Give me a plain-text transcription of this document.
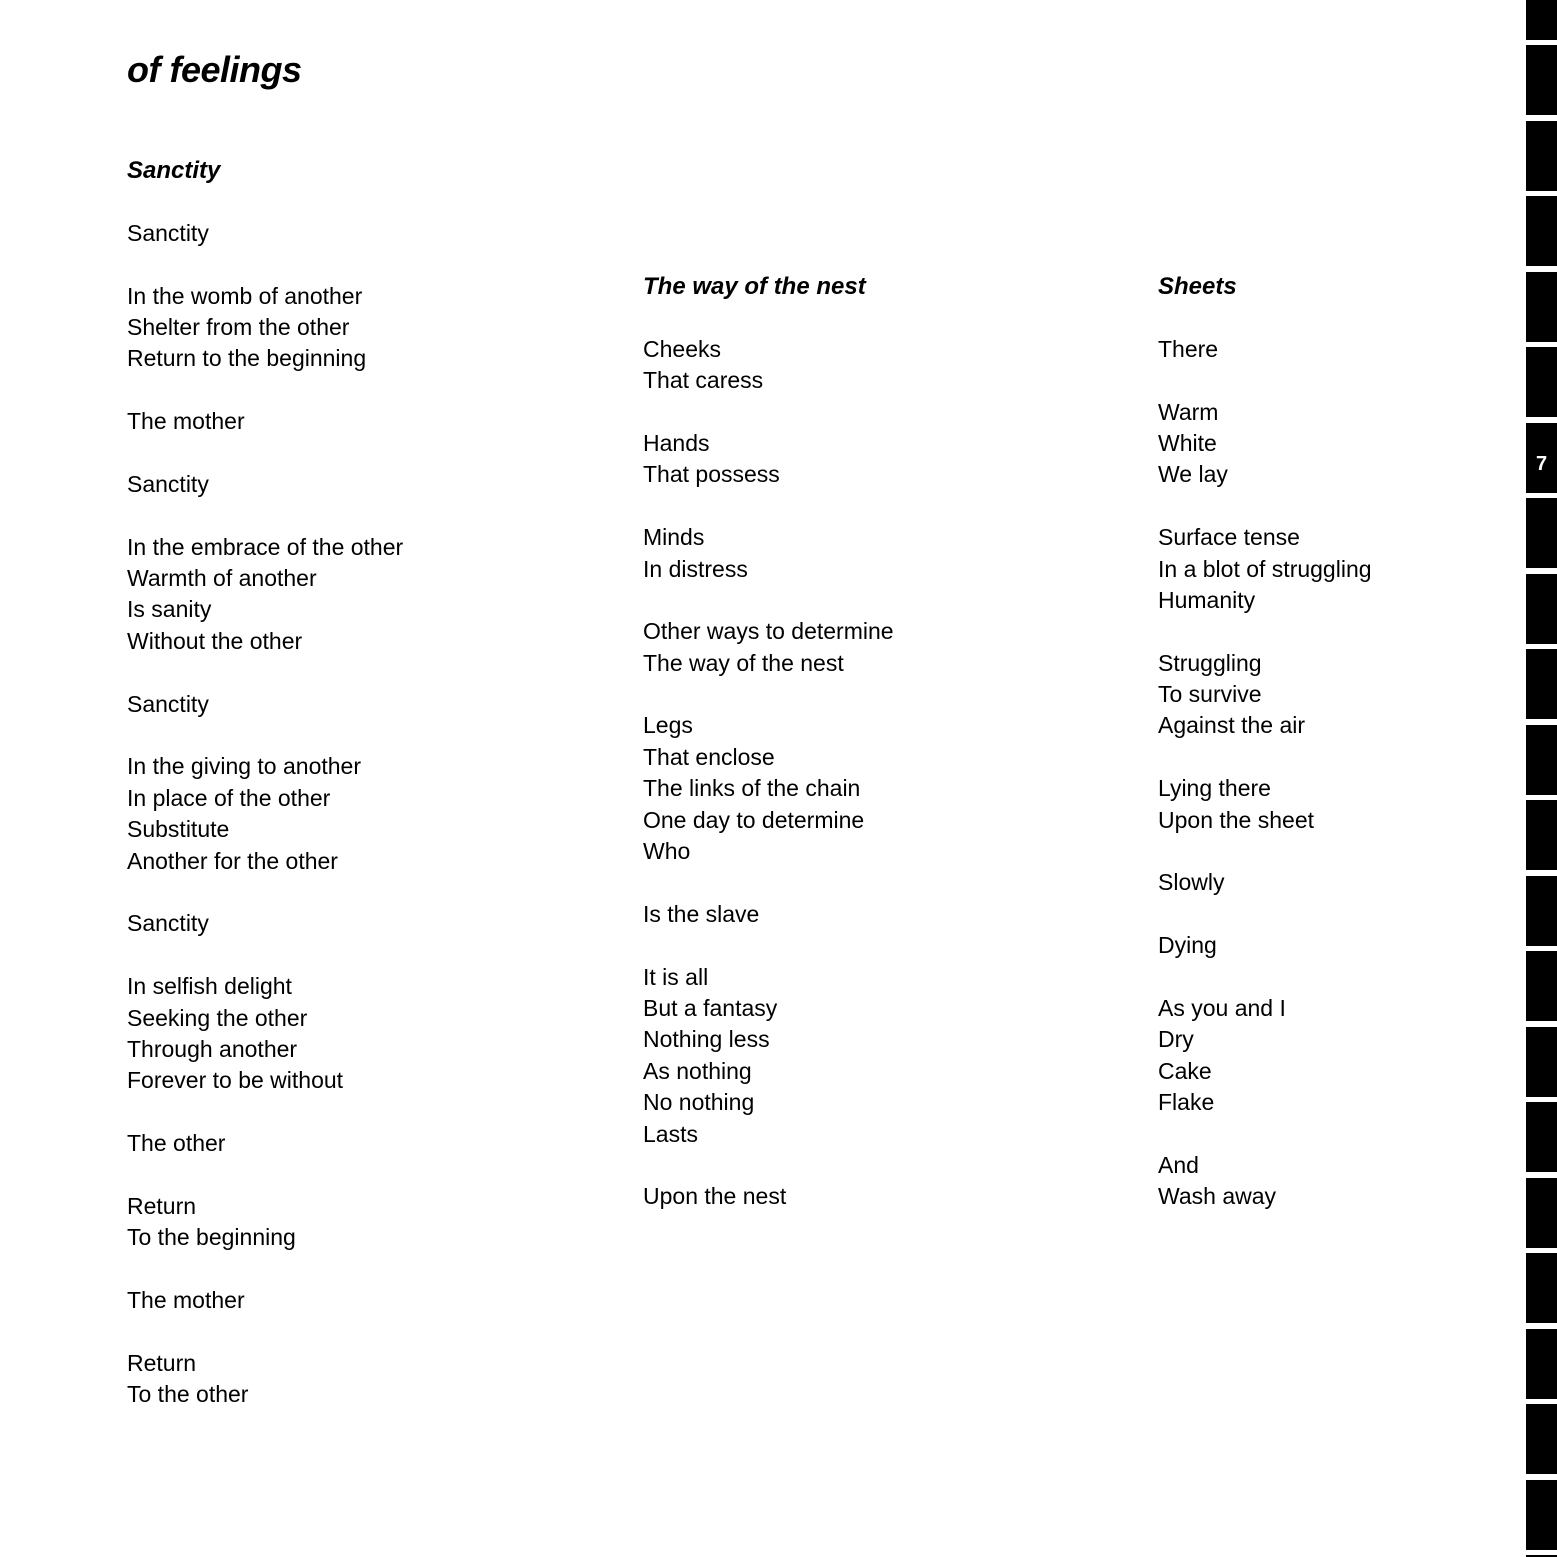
of feelings
Sanctity
Sanctity
In the womb of another
Shelter from the other
Return to the beginning
The mother
Sanctity
In the embrace of the other
Warmth of another
Is sanity
Without the other
Sanctity
In the giving to another
In place of the other
Substitute
Another for the other
Sanctity
In selfish delight
Seeking the other
Through another
Forever to be without
The other
Return
To the beginning
The mother
Return
To the other
The way of the nest
Cheeks
That caress
Hands
That possess
Minds
In distress
Other ways to determine
The way of the nest
Legs
That enclose
The links of the chain
One day to determine
Who
Is the slave
It is all
But a fantasy
Nothing less
As nothing
No nothing
Lasts
Upon the nest
Sheets
There
Warm
White
We lay
Surface tense
In a blot of struggling
Humanity
Struggling
To survive
Against the air
Lying there
Upon the sheet
Slowly
Dying
As you and I
Dry
Cake
Flake
And
Wash away
7
